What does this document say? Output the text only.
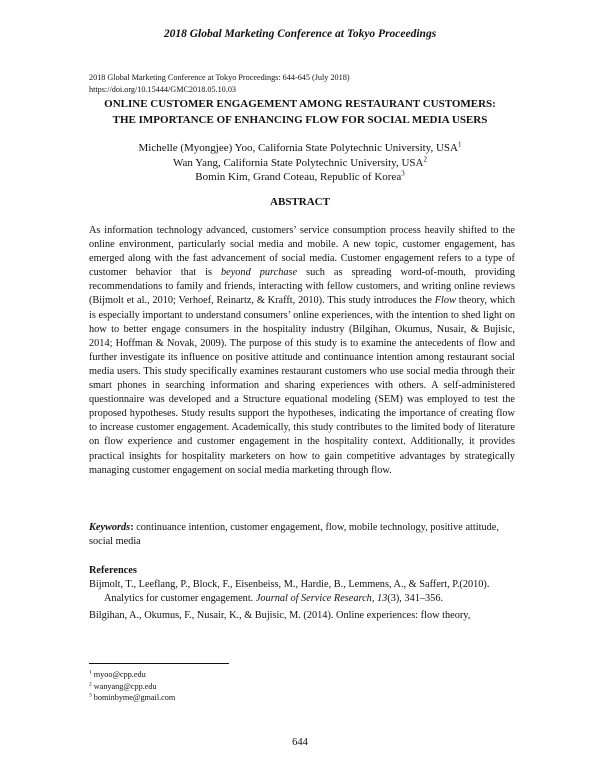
2018 Global Marketing Conference at Tokyo Proceedings
2018 Global Marketing Conference at Tokyo Proceedings: 644-645 (July 2018)
https://doi.org/10.15444/GMC2018.05.10.03
ONLINE CUSTOMER ENGAGEMENT AMONG RESTAURANT CUSTOMERS:
THE IMPORTANCE OF ENHANCING FLOW FOR SOCIAL MEDIA USERS
Michelle (Myongjee) Yoo, California State Polytechnic University, USA$^1$
Wan Yang, California State Polytechnic University, USA$^2$
Bomin Kim, Grand Coteau, Republic of Korea$^3$
ABSTRACT
As information technology advanced, customers’ service consumption process heavily shifted to the online environment, particularly social media and mobile. A new topic, customer engagement, has emerged along with the fast advancement of social media. Customer engagement refers to a type of customer behavior that is beyond purchase such as spreading word-of-mouth, providing recommendations to family and friends, interacting with fellow customers, and writing online reviews (Bijmolt et al., 2010; Verhoef, Reinartz, & Krafft, 2010). This study introduces the Flow theory, which is especially important to understand consumers’ online experiences, with the intention to shed light on how to better engage consumers in the hospitality industry (Bilgihan, Okumus, Nusair, & Bujisic, 2014; Hoffman & Novak, 2009). The purpose of this study is to examine the antecedents of flow and further investigate its influence on positive attitude and continuance intention among restaurant social media users. This study specifically examines restaurant customers who use social media through their smart phones in searching information and sharing experiences with others. A self-administered questionnaire was developed and a Structure equational modeling (SEM) was employed to test the proposed hypotheses. Study results support the hypotheses, indicating the importance of creating flow to increase customer engagement. Academically, this study contributes to the limited body of literature on flow experience and customer engagement in the hospitality context. Additionally, it provides practical insights for hospitality marketers on how to gain competitive advantages by strategically managing customer engagement on social media marketing through flow.
Keywords: continuance intention, customer engagement, flow, mobile technology, positive attitude, social media
References

Bijmolt, T., Leeflang, P., Block, F., Eisenbeiss, M., Hardie, B., Lemmens, A., & Saffert, P.(2010). Analytics for customer engagement. Journal of Service Research, 13(3), 341–356.

Bilgihan, A., Okumus, F., Nusair, K., & Bujisic, M. (2014). Online experiences: flow theory,

$^1$ myoo@cpp.edu
$^2$ wanyang@cpp.edu
$^3$ bominbyme@gmail.com
644
